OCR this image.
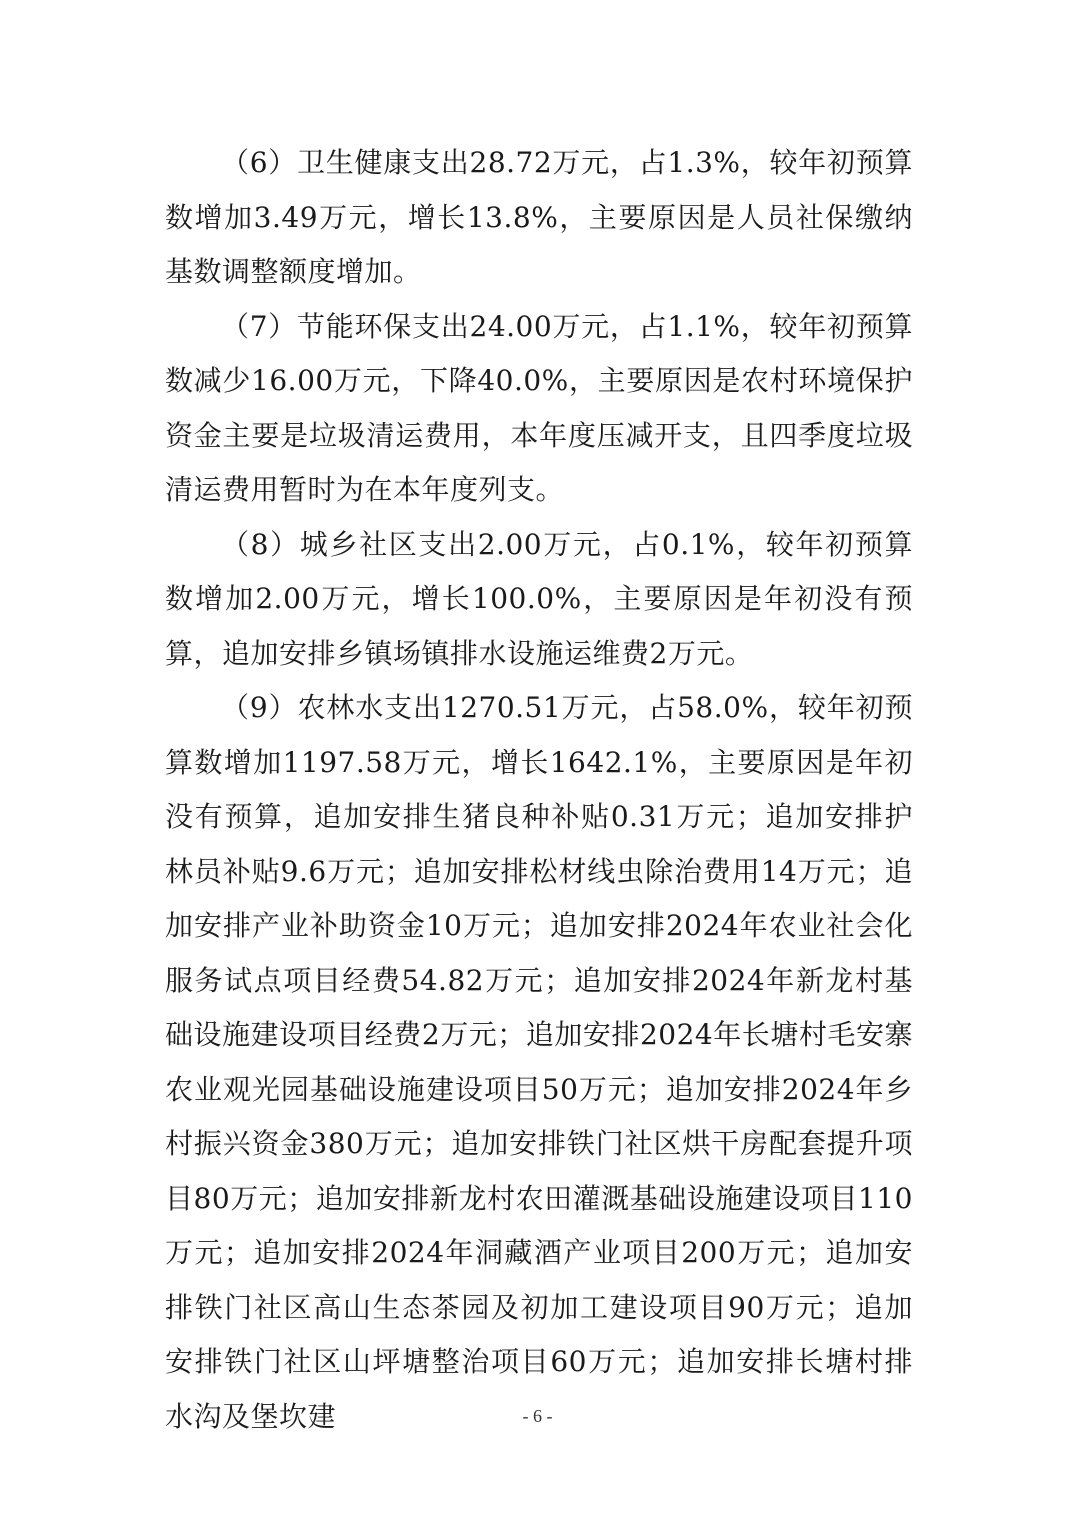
（6）卫生健康支出28.72万元，占1.3%，较年初预算数增加3.49万元，增长13.8%，主要原因是人员社保缴纳基数调整额度增加。

（7）节能环保支出24.00万元，占1.1%，较年初预算数减少16.00万元，下降40.0%，主要原因是农村环境保护资金主要是垃圾清运费用，本年度压减开支，且四季度垃圾清运费用暂时为在本年度列支。

（8）城乡社区支出2.00万元，占0.1%，较年初预算数增加2.00万元，增长100.0%，主要原因是年初没有预算，追加安排乡镇场镇排水设施运维费2万元。

（9）农林水支出1270.51万元，占58.0%，较年初预算数增加1197.58万元，增长1642.1%，主要原因是年初没有预算，追加安排生猪良种补贴0.31万元；追加安排护林员补贴9.6万元；追加安排松材线虫除治费用14万元；追加安排产业补助资金10万元；追加安排2024年农业社会化服务试点项目经费54.82万元；追加安排2024年新龙村基础设施建设项目经费2万元；追加安排2024年长塘村毛安寨农业观光园基础设施建设项目50万元；追加安排2024年乡村振兴资金380万元；追加安排铁门社区烘干房配套提升项目80万元；追加安排新龙村农田灌溉基础设施建设项目110万元；追加安排2024年洞藏酒产业项目200万元；追加安排铁门社区高山生态茶园及初加工建设项目90万元；追加安排铁门社区山坪塘整治项目60万元；追加安排长塘村排水沟及堡坎建	- 6 -
